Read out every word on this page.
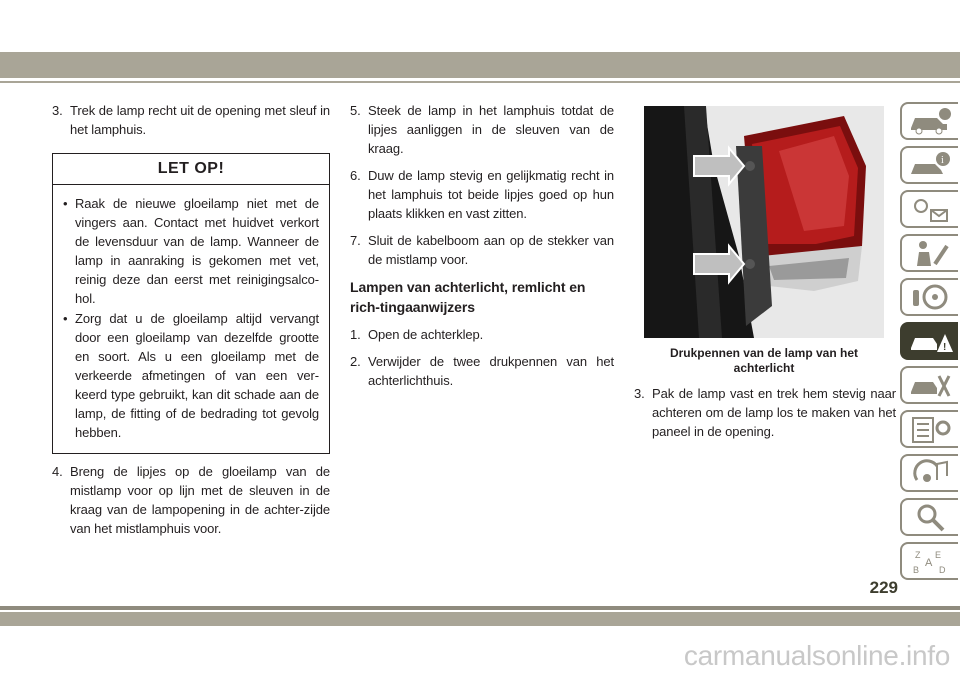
3. Trek de lamp recht uit de opening met sleuf in het lamphuis.
LET OP!
• Raak de nieuwe gloeilamp niet met de vingers aan. Contact met huidvet verkort de levensduur van de lamp. Wanneer de lamp in aanraking is gekomen met vet, reinig deze dan eerst met reinigingsalco-hol.
• Zorg dat u de gloeilamp altijd vervangt door een gloeilamp van dezelfde grootte en soort. Als u een gloeilamp met de verkeerde afmetingen of van een ver-keerd type gebruikt, kan dit schade aan de lamp, de fitting of de bedrading tot gevolg hebben.
4. Breng de lipjes op de gloeilamp van de mistlamp voor op lijn met de sleuven in de kraag van de lampopening in de achter-zijde van het mistlamphuis voor.
5. Steek de lamp in het lamphuis totdat de lipjes aanliggen in de sleuven van de kraag.
6. Duw de lamp stevig en gelijkmatig recht in het lamphuis tot beide lipjes goed op hun plaats klikken en vast zitten.
7. Sluit de kabelboom aan op de stekker van de mistlamp voor.
Lampen van achterlicht, remlicht en rich-tingaanwijzers
1. Open de achterklep.
2. Verwijder de twee drukpennen van het achterlichthuis.
Drukpennen van de lamp van het achterlicht
3. Pak de lamp vast en trek hem stevig naar achteren om de lamp los te maken van het paneel in de opening.
i
!
Z E
A
B D
229
carmanualsonline.info
